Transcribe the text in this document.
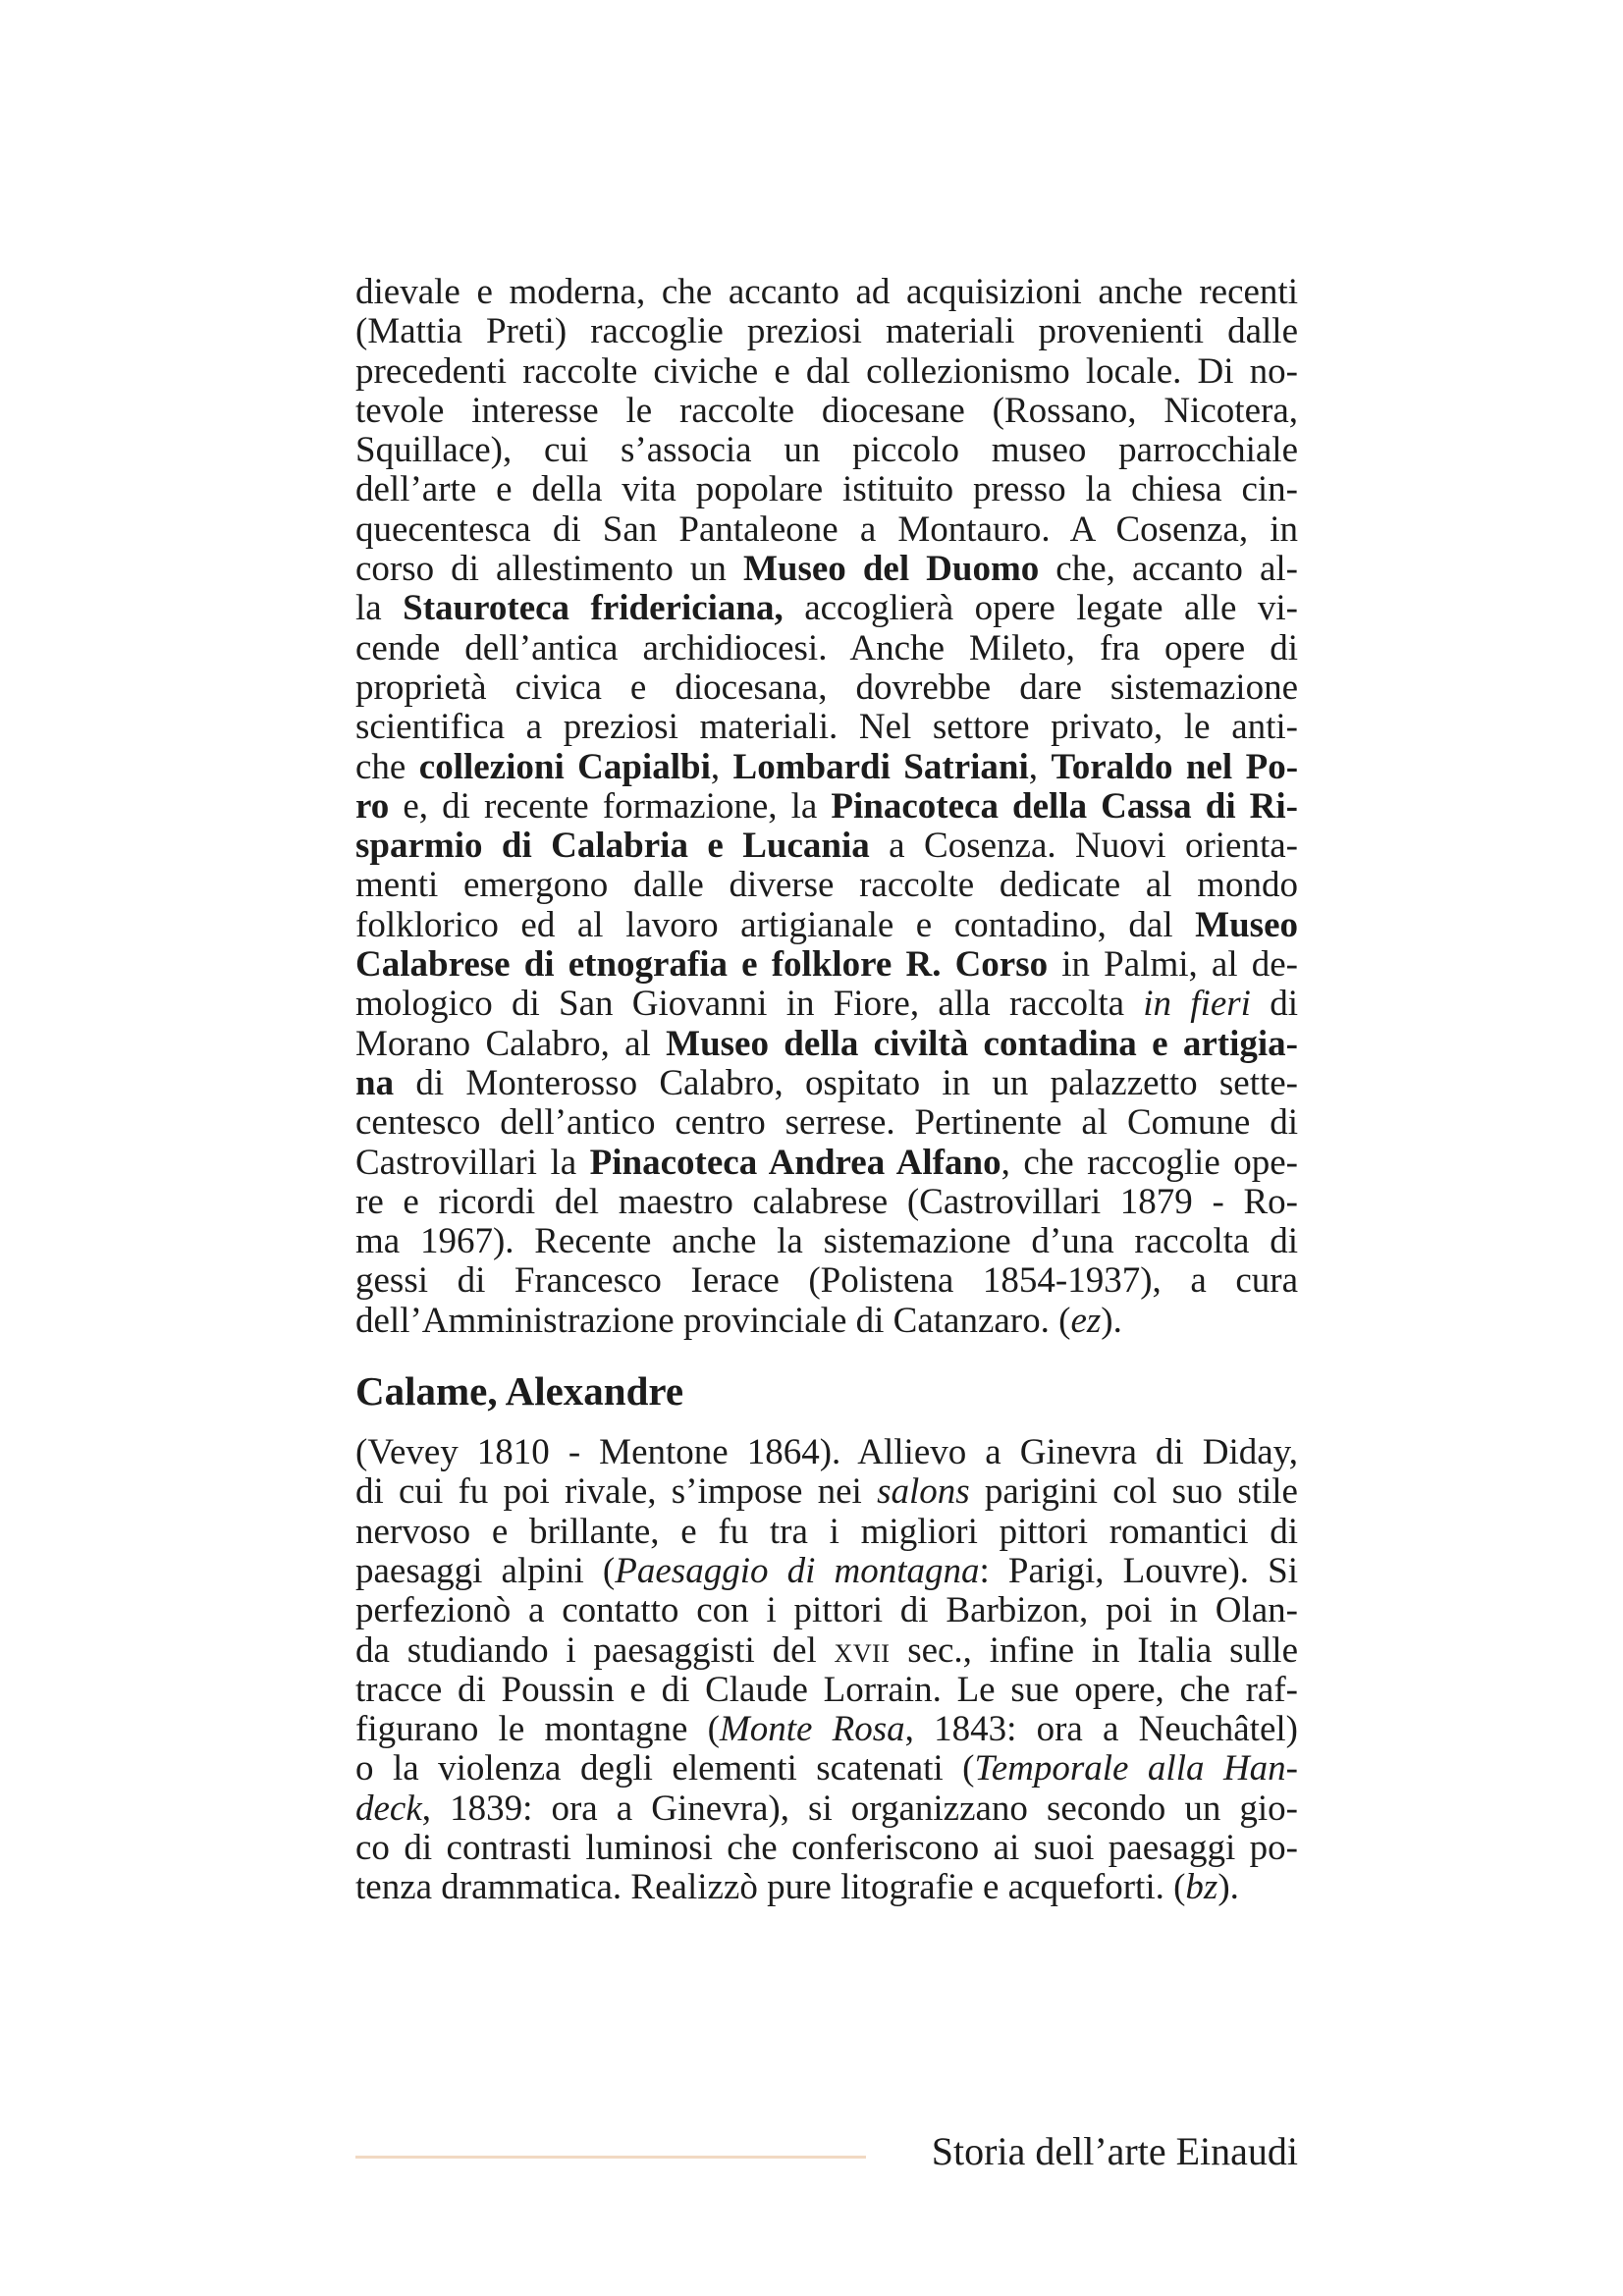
dievale e moderna, che accanto ad acquisizioni anche recenti
(Mattia Preti) raccoglie preziosi materiali provenienti dalle
precedenti raccolte civiche e dal collezionismo locale. Di no-
tevole interesse le raccolte diocesane (Rossano, Nicotera,
Squillace), cui s’associa un piccolo museo parrocchiale
dell’arte e della vita popolare istituito presso la chiesa cin-
quecentesca di San Pantaleone a Montauro. A Cosenza, in
corso di allestimento un Museo del Duomo che, accanto al-
la Stauroteca fridericiana, accoglierà opere legate alle vi-
cende dell’antica archidiocesi. Anche Mileto, fra opere di
proprietà civica e diocesana, dovrebbe dare sistemazione
scientifica a preziosi materiali. Nel settore privato, le anti-
che collezioni Capialbi, Lombardi Satriani, Toraldo nel Po-
ro e, di recente formazione, la Pinacoteca della Cassa di Ri-
sparmio di Calabria e Lucania a Cosenza. Nuovi orienta-
menti emergono dalle diverse raccolte dedicate al mondo
folklorico ed al lavoro artigianale e contadino, dal Museo
Calabrese di etnografia e folklore R. Corso in Palmi, al de-
mologico di San Giovanni in Fiore, alla raccolta in fieri di
Morano Calabro, al Museo della civiltà contadina e artigia-
na di Monterosso Calabro, ospitato in un palazzetto sette-
centesco dell’antico centro serrese. Pertinente al Comune di
Castrovillari la Pinacoteca Andrea Alfano, che raccoglie ope-
re e ricordi del maestro calabrese (Castrovillari 1879 - Ro-
ma 1967). Recente anche la sistemazione d’una raccolta di
gessi di Francesco Ierace (Polistena 1854-1937), a cura
dell’Amministrazione provinciale di Catanzaro. (ez).
Calame, Alexandre
(Vevey 1810 - Mentone 1864). Allievo a Ginevra di Diday,
di cui fu poi rivale, s’impose nei salons parigini col suo stile
nervoso e brillante, e fu tra i migliori pittori romantici di
paesaggi alpini (Paesaggio di montagna: Parigi, Louvre). Si
perfezionò a contatto con i pittori di Barbizon, poi in Olan-
da studiando i paesaggisti del xvii sec., infine in Italia sulle
tracce di Poussin e di Claude Lorrain. Le sue opere, che raf-
figurano le montagne (Monte Rosa, 1843: ora a Neuchâtel)
o la violenza degli elementi scatenati (Temporale alla Han-
deck, 1839: ora a Ginevra), si organizzano secondo un gio-
co di contrasti luminosi che conferiscono ai suoi paesaggi po-
tenza drammatica. Realizzò pure litografie e acqueforti. (bz).
Storia dell’arte Einaudi
